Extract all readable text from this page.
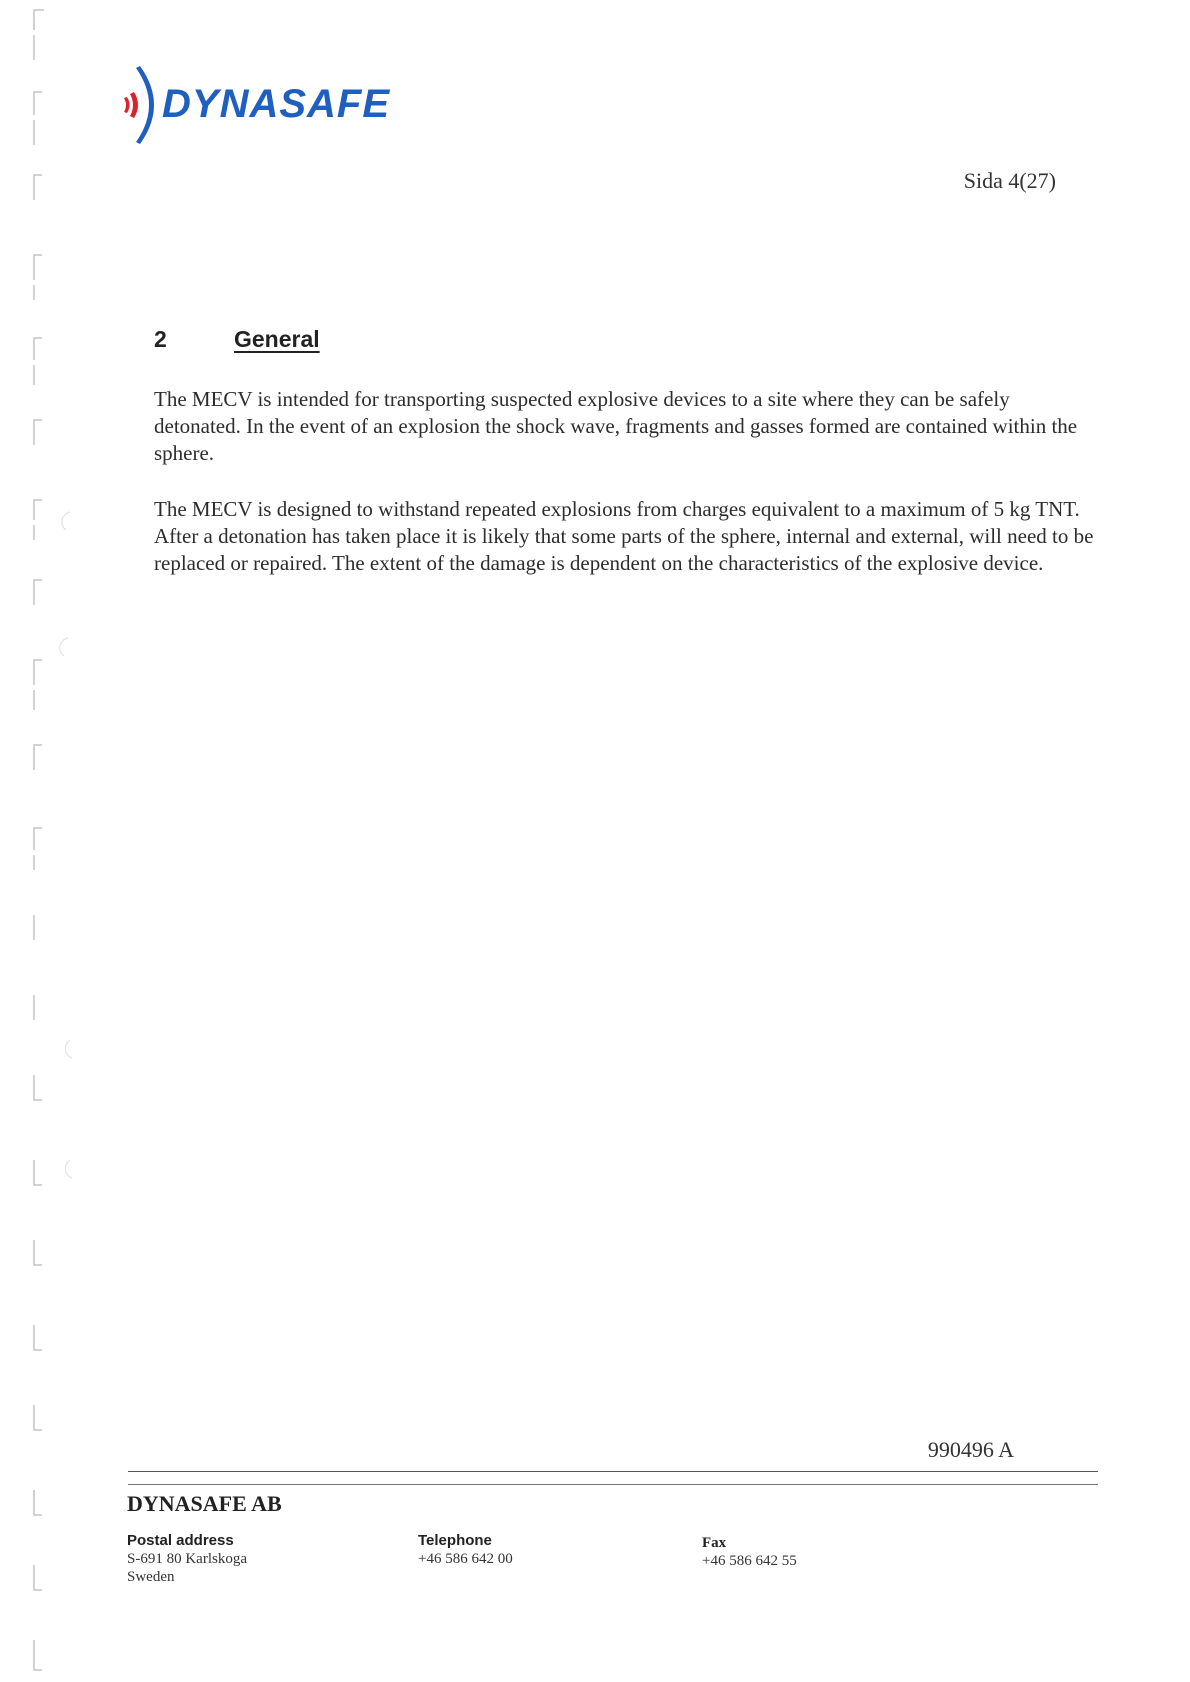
DYNASAFE
Sida 4(27)
2	General

The MECV is intended for transporting suspected explosive devices to a site where they can be safely detonated. In the event of an explosion the shock wave, fragments and gasses formed are contained within the sphere.

The MECV is designed to withstand repeated explosions from charges equivalent to a maximum of 5 kg TNT. After a detonation has taken place it is likely that some parts of the sphere, internal and external, will need to be replaced or repaired. The extent of the damage is dependent on the characteristics of the explosive device.

990496 A
DYNASAFE AB
Postal address
S-691 80 Karlskoga
Sweden
Telephone
+46 586 642 00
Fax
+46 586 642 55
